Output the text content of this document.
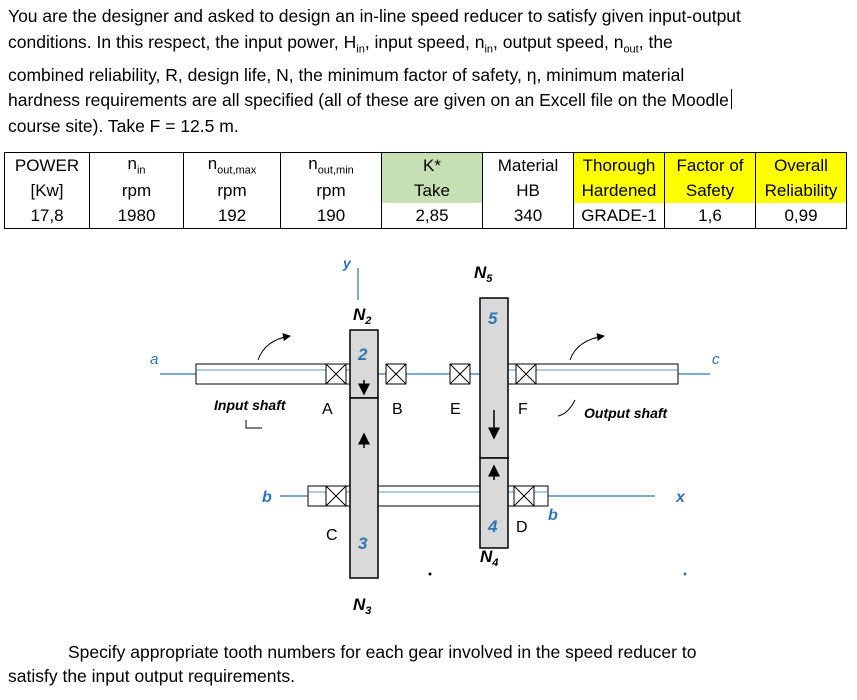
You are the designer and asked to design an in-line speed reducer to satisfy given input-output
conditions. In this respect, the input power, $H_{in}$, input speed, $n_{in}$, output speed, $n_{out}$, the
combined reliability, R, design life, N, the minimum factor of safety, η, minimum material
hardness requirements are all specified (all of these are given on an Excell file on the Moodle
course site). Take F = 12.5 m.
POWER	$n_{in}$	$n_{out,max}$	$n_{out,min}$	K*	Material	Thorough	Factor of	Overall
[Kw]	rpm	rpm	rpm	Take	HB	Hardened	Safety	Reliability
17,8	1980	192	190	2,85	340	GRADE-1	1,6	0,99
y
a	c
b
b
x
$N_2$
$N_3$
$N_4$
$N_5$
2
3
4
5
A	B
C	D
E	F
Input shaft	Output shaft
Specify appropriate tooth numbers for each gear involved in the speed reducer to
satisfy the input output requirements.
